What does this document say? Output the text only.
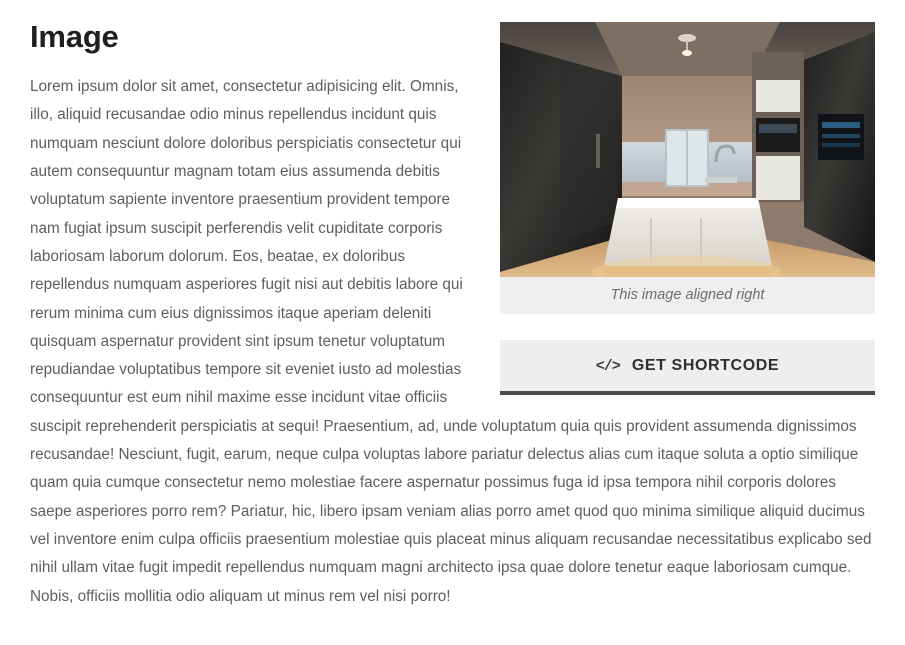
This image aligned right
</> GET SHORTCODE
Image

Lorem ipsum dolor sit amet, consectetur adipisicing elit. Omnis, illo, aliquid recusandae odio minus repellendus incidunt quis numquam nesciunt dolore doloribus perspiciatis consectetur qui autem consequuntur magnam totam eius assumenda debitis voluptatum sapiente inventore praesentium provident tempore nam fugiat ipsum suscipit perferendis velit cupiditate corporis laboriosam laborum dolorum. Eos, beatae, ex doloribus repellendus numquam asperiores fugit nisi aut debitis labore qui rerum minima cum eius dignissimos itaque aperiam deleniti quisquam aspernatur provident sint ipsum tenetur voluptatum repudiandae voluptatibus tempore sit eveniet iusto ad molestias consequuntur est eum nihil maxime esse incidunt vitae officiis suscipit reprehenderit perspiciatis at sequi! Praesentium, ad, unde voluptatum quia quis provident assumenda dignissimos recusandae! Nesciunt, fugit, earum, neque culpa voluptas labore pariatur delectus alias cum itaque soluta a optio similique quam quia cumque consectetur nemo molestiae facere aspernatur possimus fuga id ipsa tempora nihil corporis dolores saepe asperiores porro rem? Pariatur, hic, libero ipsam veniam alias porro amet quod quo minima similique aliquid ducimus vel inventore enim culpa officiis praesentium molestiae quis placeat minus aliquam recusandae necessitatibus explicabo sed nihil ullam vitae fugit impedit repellendus numquam magni architecto ipsa quae dolore tenetur eaque laboriosam cumque. Nobis, officiis mollitia odio aliquam ut minus rem vel nisi porro!
